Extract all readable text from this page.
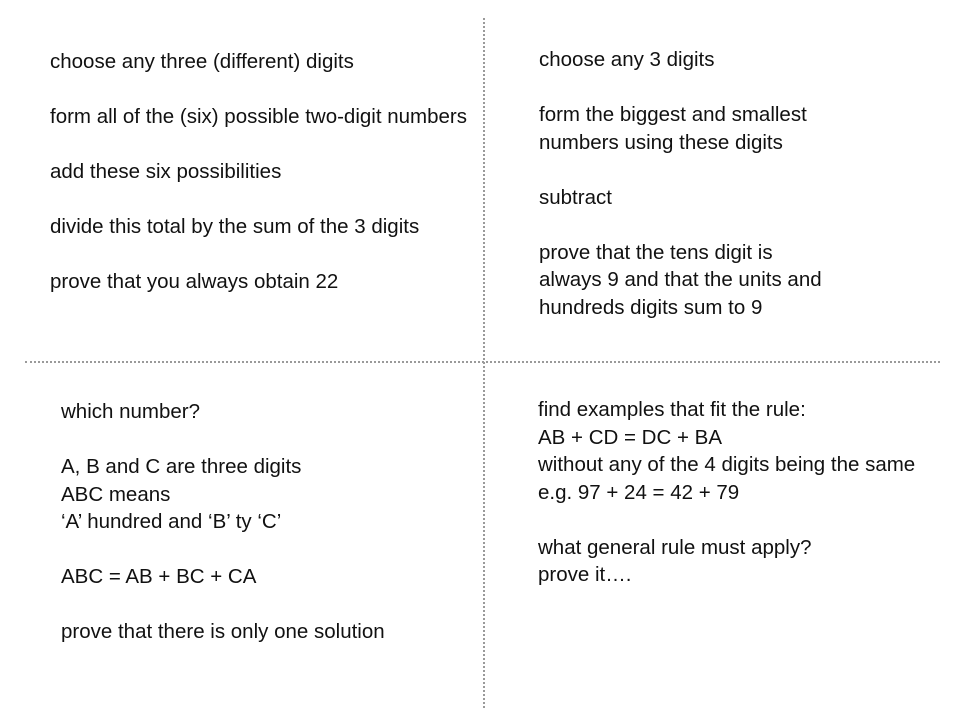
choose any three (different) digits

form all of the (six) possible two-digit numbers

add these six possibilities

divide this total by the sum of the 3 digits

prove that you always obtain 22

choose any 3 digits

form the biggest and smallest

numbers using these digits

subtract

prove that the tens digit is

always 9 and that the units and

hundreds digits sum to 9

which number?

A, B and C are three digits

ABC means

‘A’ hundred and ‘B’ ty ‘C’

ABC = AB + BC + CA

prove that there is only one solution

find examples that fit the rule:

AB + CD = DC + BA

without any of the 4 digits being the same

e.g. 97 + 24 = 42 + 79

what general rule must apply?

prove it….
